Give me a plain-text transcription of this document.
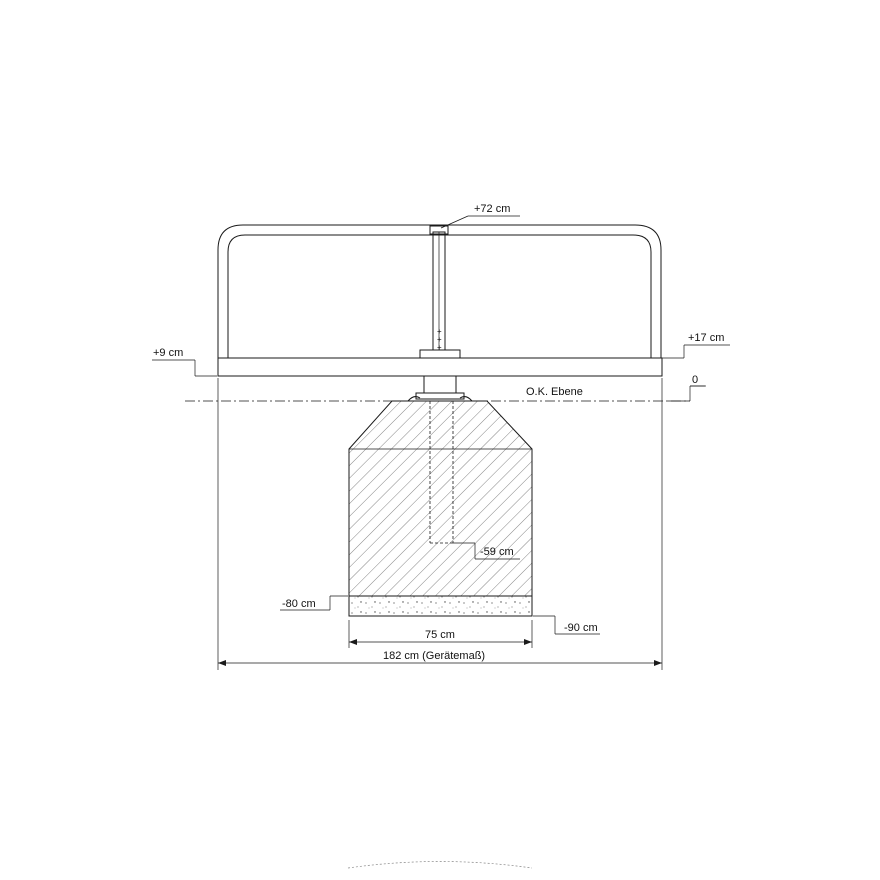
+
+
+
+72 cm
+17 cm
+9 cm
O.K. Ebene
0
-59 cm
-80 cm
-90 cm
75 cm
182 cm (Gerätemaß)
